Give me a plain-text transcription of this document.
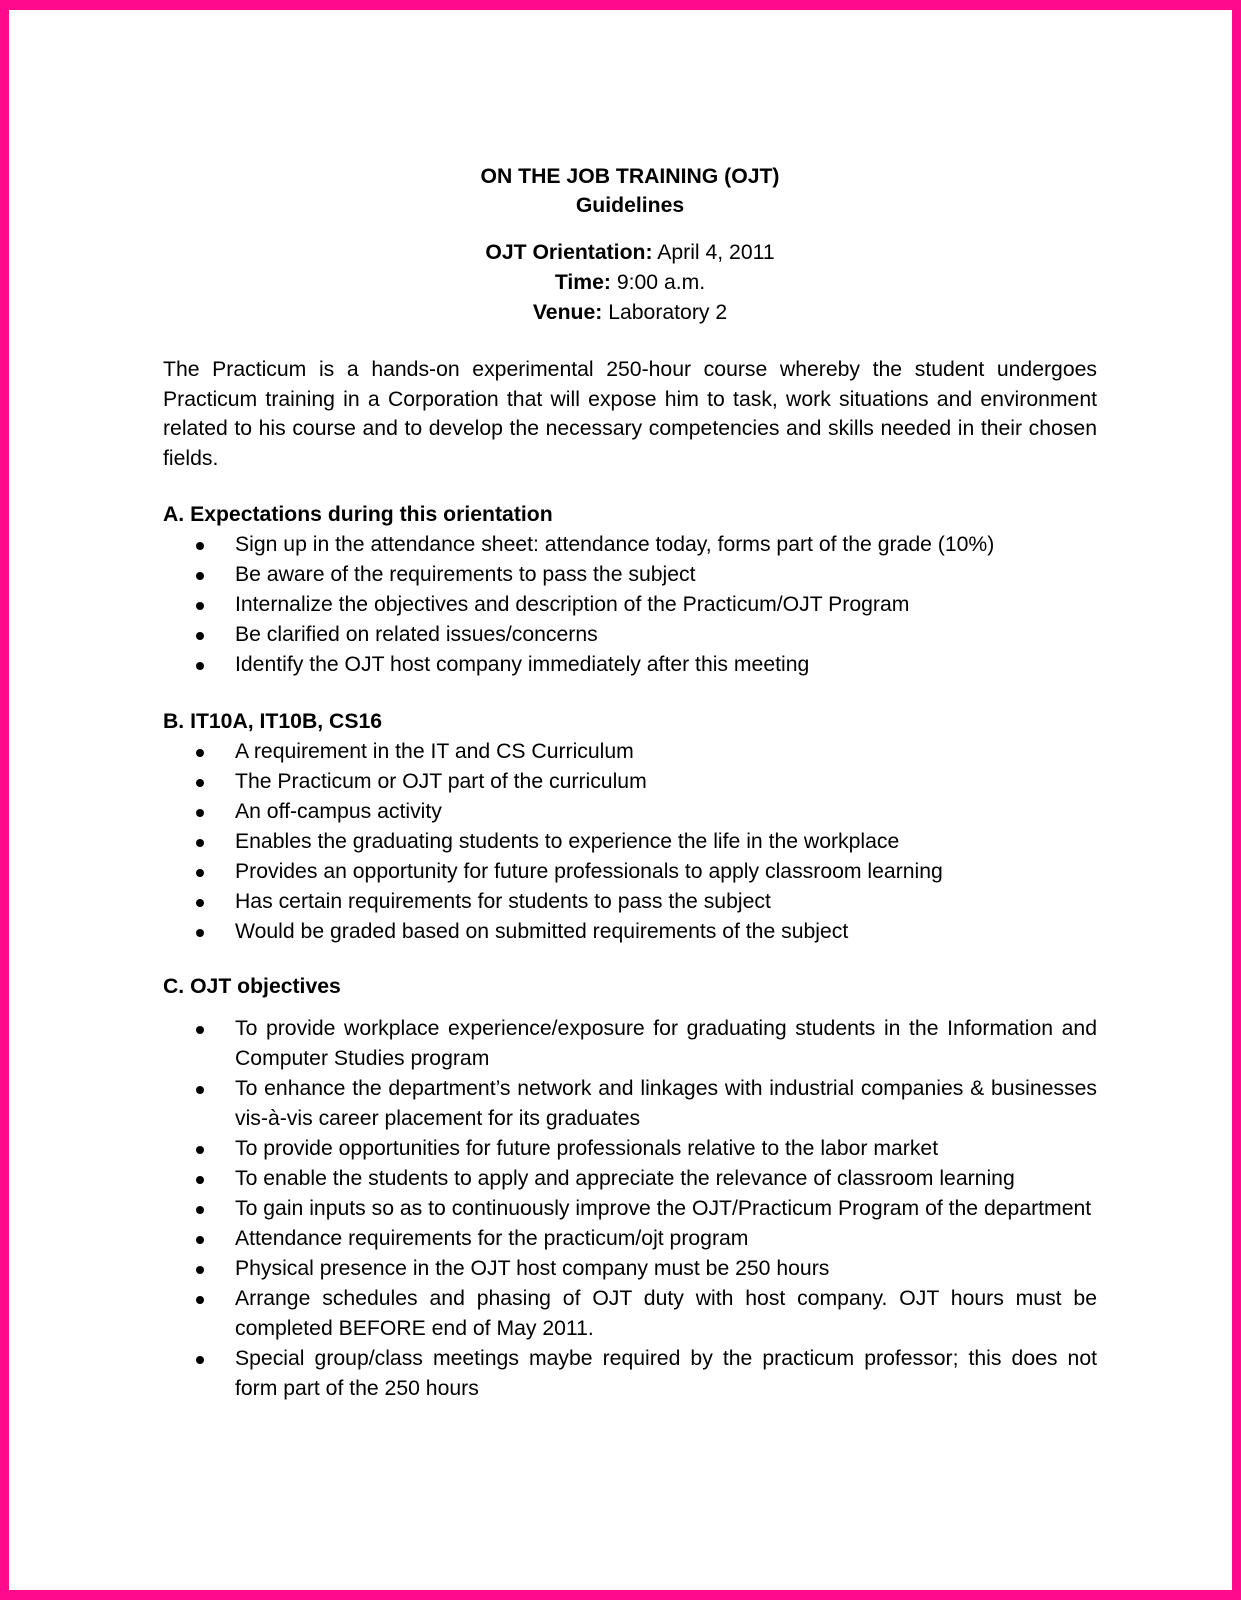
ON THE JOB TRAINING (OJT)
Guidelines
OJT Orientation: April 4, 2011
Time: 9:00 a.m.
Venue: Laboratory 2
The Practicum is a hands-on experimental 250-hour course whereby the student undergoes Practicum training in a Corporation that will expose him to task, work situations and environment related to his course and to develop the necessary competencies and skills needed in their chosen fields.
A. Expectations during this orientation
Sign up in the attendance sheet: attendance today, forms part of the grade (10%)
Be aware of the requirements to pass the subject
Internalize the objectives and description of the Practicum/OJT Program
Be clarified on related issues/concerns
Identify the OJT host company immediately after this meeting
B. IT10A, IT10B, CS16
A requirement in the IT and CS Curriculum
The Practicum or OJT part of the curriculum
An off-campus activity
Enables the graduating students to experience the life in the workplace
Provides an opportunity for future professionals to apply classroom learning
Has certain requirements for students to pass the subject
Would be graded based on submitted requirements of the subject
C. OJT objectives
To provide workplace experience/exposure for graduating students in the Information and Computer Studies program
To enhance the department’s network and linkages with industrial companies & businesses vis-à-vis career placement for its graduates
To provide opportunities for future professionals relative to the labor market
To enable the students to apply and appreciate the relevance of classroom learning
To gain inputs so as to continuously improve the OJT/Practicum Program of the department
Attendance requirements for the practicum/ojt program
Physical presence in the OJT host company must be 250 hours
Arrange schedules and phasing of OJT duty with host company. OJT hours must be completed BEFORE end of May 2011.
Special group/class meetings maybe required by the practicum professor; this does not form part of the 250 hours
